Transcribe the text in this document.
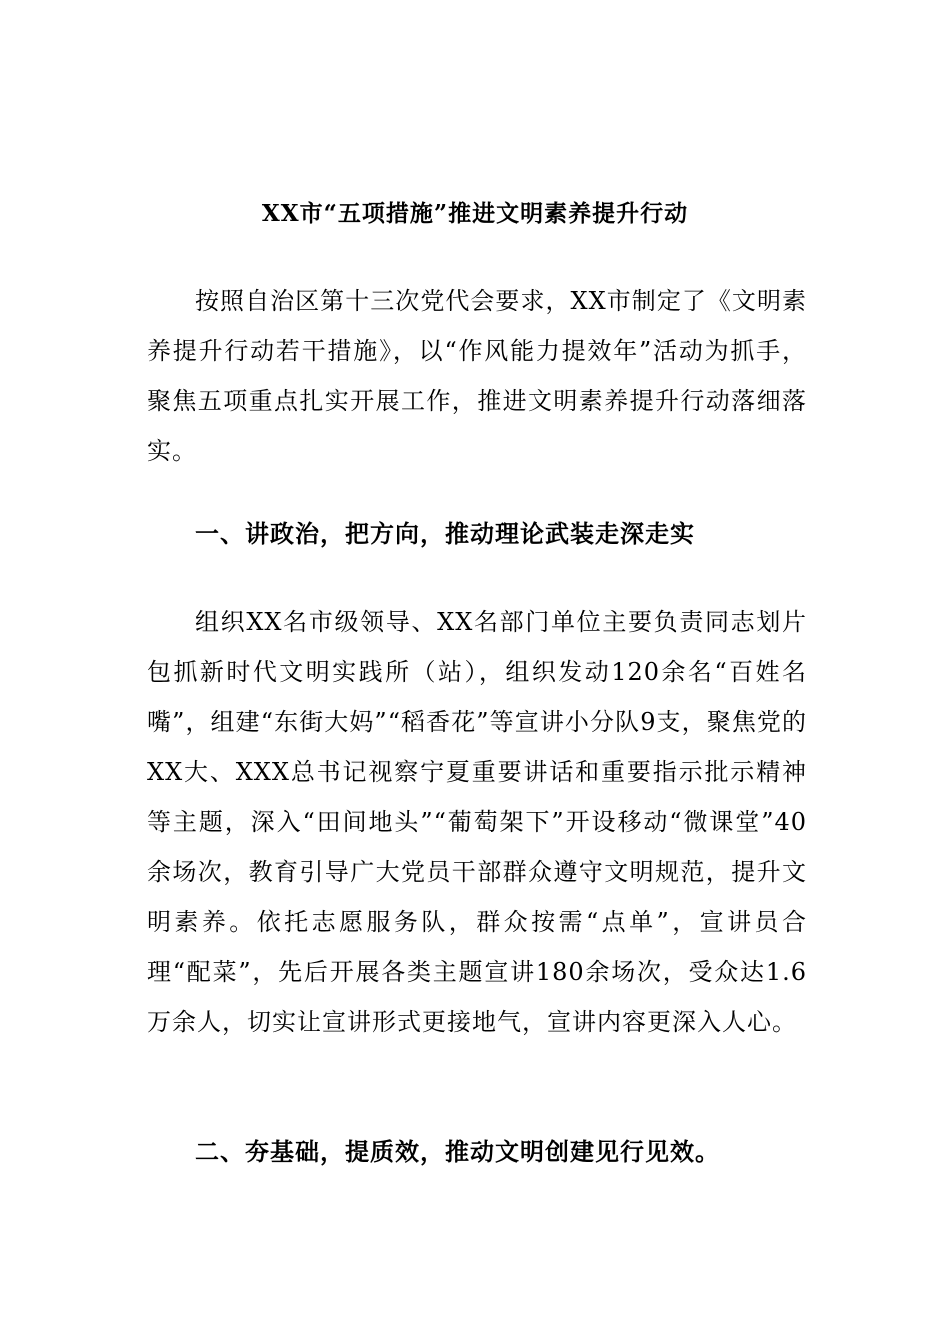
XX市“五项措施”推进文明素养提升行动

按照自治区第十三次党代会要求，XX市制定了《文明素养提升行动若干措施》，以“作风能力提效年”活动为抓手，聚焦五项重点扎实开展工作，推进文明素养提升行动落细落实。

一、讲政治，把方向，推动理论武装走深走实

组织XX名市级领导、XX名部门单位主要负责同志划片包抓新时代文明实践所（站），组织发动120余名“百姓名嘴”，组建“东街大妈”“稻香花”等宣讲小分队9支，聚焦党的XX大、XXX总书记视察宁夏重要讲话和重要指示批示精神等主题，深入“田间地头”“葡萄架下”开设移动“微课堂”40余场次，教育引导广大党员干部群众遵守文明规范，提升文明素养。依托志愿服务队，群众按需“点单”，宣讲员合理“配菜”，先后开展各类主题宣讲180余场次，受众达1.6万余人，切实让宣讲形式更接地气，宣讲内容更深入人心。

二、夯基础，提质效，推动文明创建见行见效。
